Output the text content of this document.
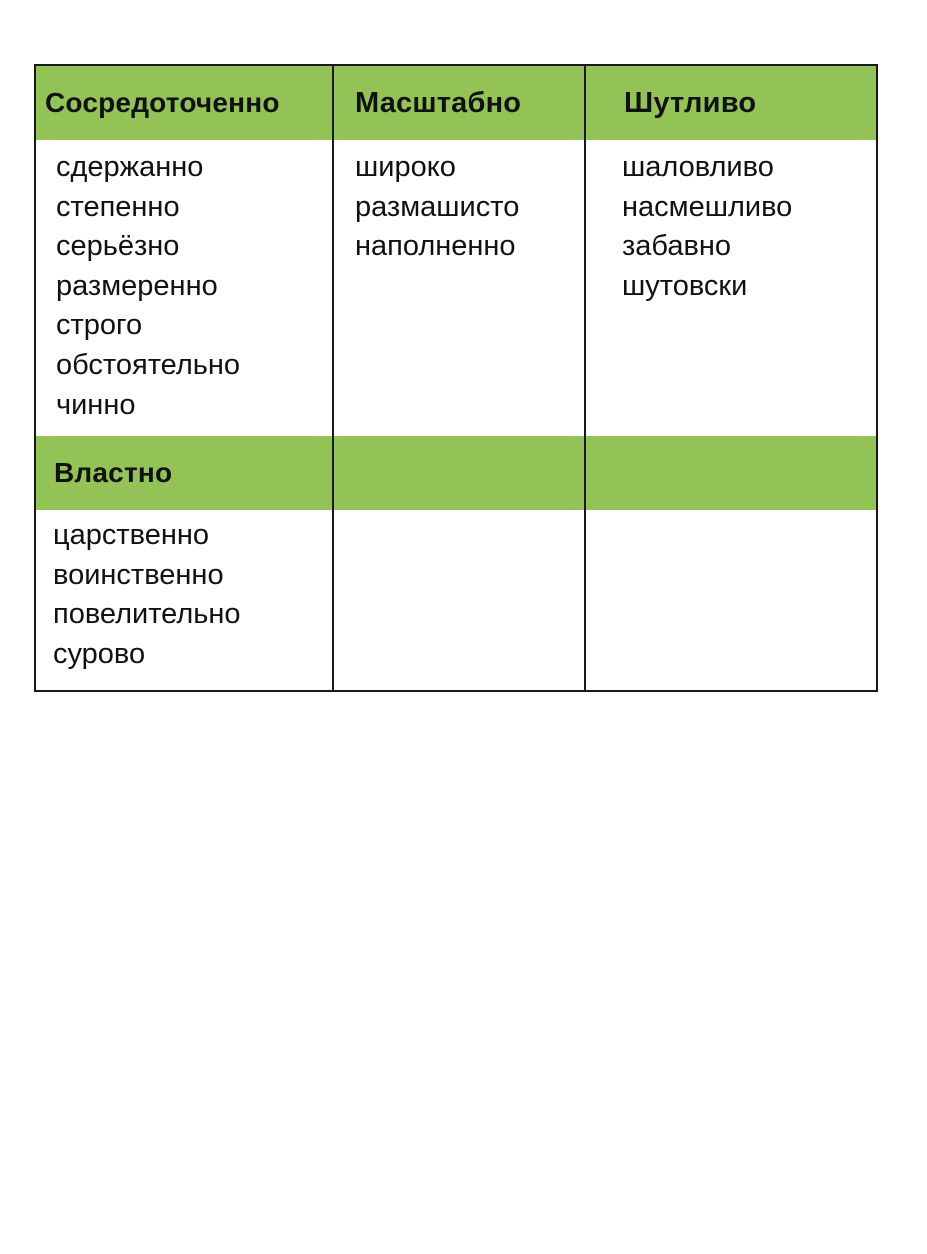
Сосредоточенно	Масштабно	Шутливо
сдержанно
степенно
серьёзно
размеренно
строго
обстоятельно
чинно
широко
размашисто
наполненно
шаловливо
насмешливо
забавно
шутовски
Властно
царственно
воинственно
повелительно
сурово
